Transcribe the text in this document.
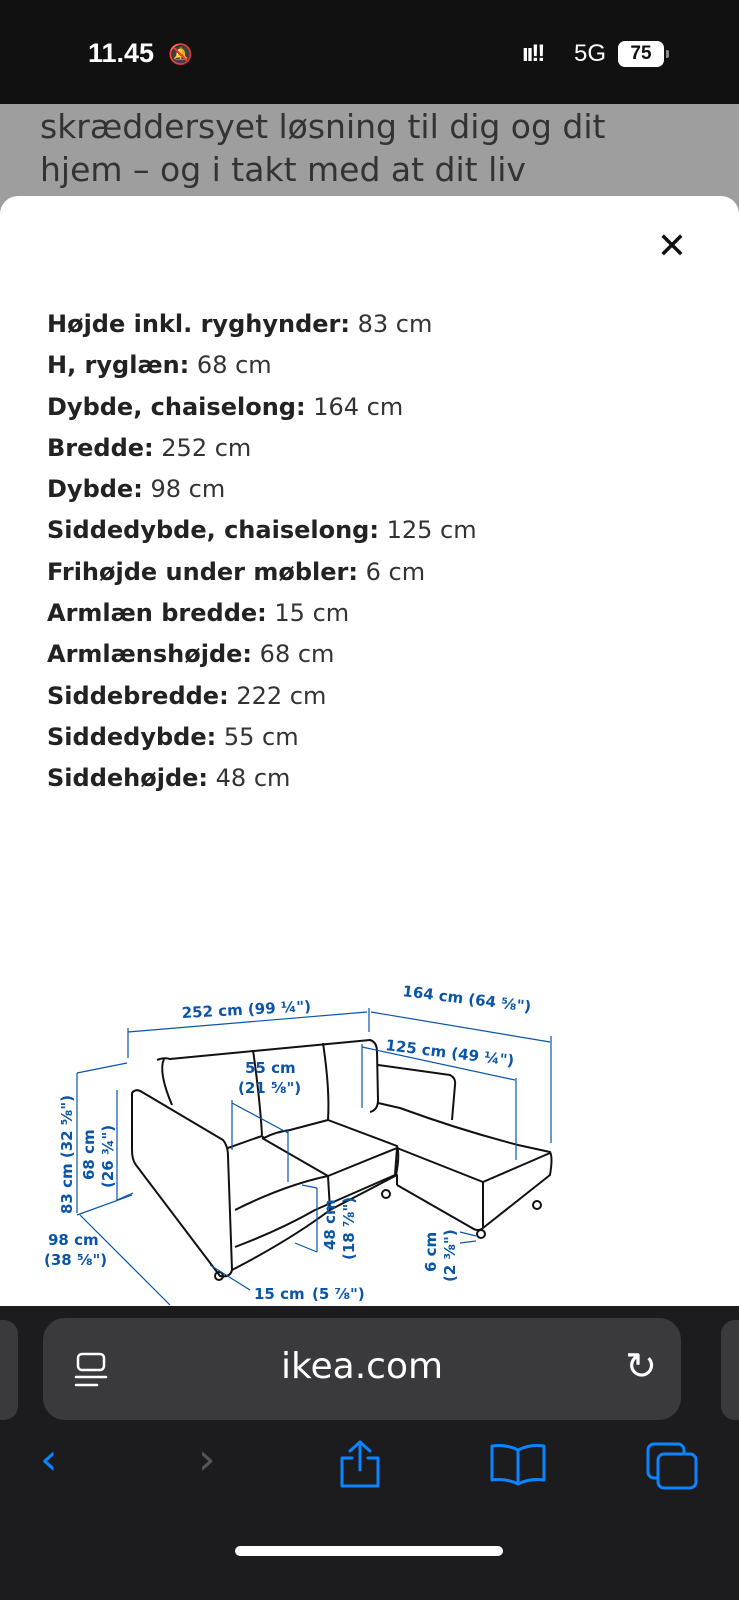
11.45 🔕	ıı!! 5G	75
skræddersyet løsning til dig og dit
hjem – og i takt med at dit liv
✕
Højde inkl. ryghynder: 83 cm
H, ryglæn: 68 cm
Dybde, chaiselong: 164 cm
Bredde: 252 cm
Dybde: 98 cm
Siddedybde, chaiselong: 125 cm
Frihøjde under møbler: 6 cm
Armlæn bredde: 15 cm
Armlænshøjde: 68 cm
Siddebredde: 222 cm
Siddedybde: 55 cm
Siddehøjde: 48 cm
252 cm (99 ¼")	164 cm (64 ⅝")
125 cm (49 ¼")
83 cm (32 ⅝") 68 cm (26 ¾")
55 cm
(21 ⅝")
48 cm (18 ⅞")	6 cm (2 ⅜")
98 cm
(38 ⅝")
15 cm (5 ⅞")
ikea.com	↻
‹	›
